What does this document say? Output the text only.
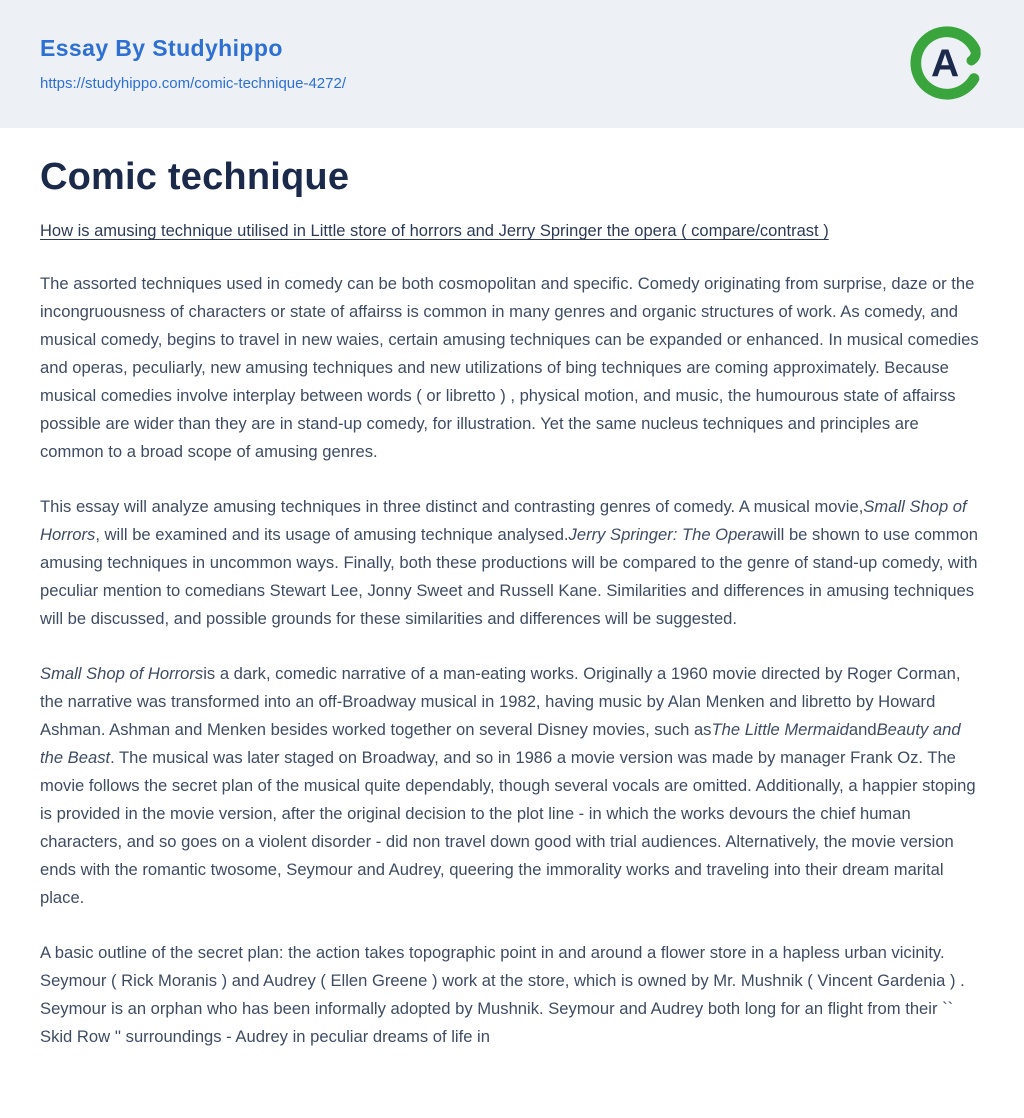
Essay By Studyhippo
https://studyhippo.com/comic-technique-4272/	A
Comic technique
How is amusing technique utilised in Little store of horrors and Jerry Springer the opera ( compare/contrast )

The assorted techniques used in comedy can be both cosmopolitan and specific. Comedy originating from surprise, daze or the incongruousness of characters or state of affairss is common in many genres and organic structures of work. As comedy, and musical comedy, begins to travel in new waies, certain amusing techniques can be expanded or enhanced. In musical comedies and operas, peculiarly, new amusing techniques and new utilizations of bing techniques are coming approximately. Because musical comedies involve interplay between words ( or libretto ) , physical motion, and music, the humourous state of affairss possible are wider than they are in stand-up comedy, for illustration. Yet the same nucleus techniques and principles are common to a broad scope of amusing genres.

This essay will analyze amusing techniques in three distinct and contrasting genres of comedy. A musical movie,Small Shop of Horrors, will be examined and its usage of amusing technique analysed.Jerry Springer: The Operawill be shown to use common amusing techniques in uncommon ways. Finally, both these productions will be compared to the genre of stand-up comedy, with peculiar mention to comedians Stewart Lee, Jonny Sweet and Russell Kane. Similarities and differences in amusing techniques will be discussed, and possible grounds for these similarities and differences will be suggested.

Small Shop of Horrorsis a dark, comedic narrative of a man-eating works. Originally a 1960 movie directed by Roger Corman, the narrative was transformed into an off-Broadway musical in 1982, having music by Alan Menken and libretto by Howard Ashman. Ashman and Menken besides worked together on several Disney movies, such asThe Little MermaidandBeauty and the Beast. The musical was later staged on Broadway, and so in 1986 a movie version was made by manager Frank Oz. The movie follows the secret plan of the musical quite dependably, though several vocals are omitted. Additionally, a happier stoping is provided in the movie version, after the original decision to the plot line - in which the works devours the chief human characters, and so goes on a violent disorder - did non travel down good with trial audiences. Alternatively, the movie version ends with the romantic twosome, Seymour and Audrey, queering the immorality works and traveling into their dream marital place.

A basic outline of the secret plan: the action takes topographic point in and around a flower store in a hapless urban vicinity. Seymour ( Rick Moranis ) and Audrey ( Ellen Greene ) work at the store, which is owned by Mr. Mushnik ( Vincent Gardenia ) . Seymour is an orphan who has been informally adopted by Mushnik. Seymour and Audrey both long for an flight from their `` Skid Row '' surroundings - Audrey in peculiar dreams of life in
